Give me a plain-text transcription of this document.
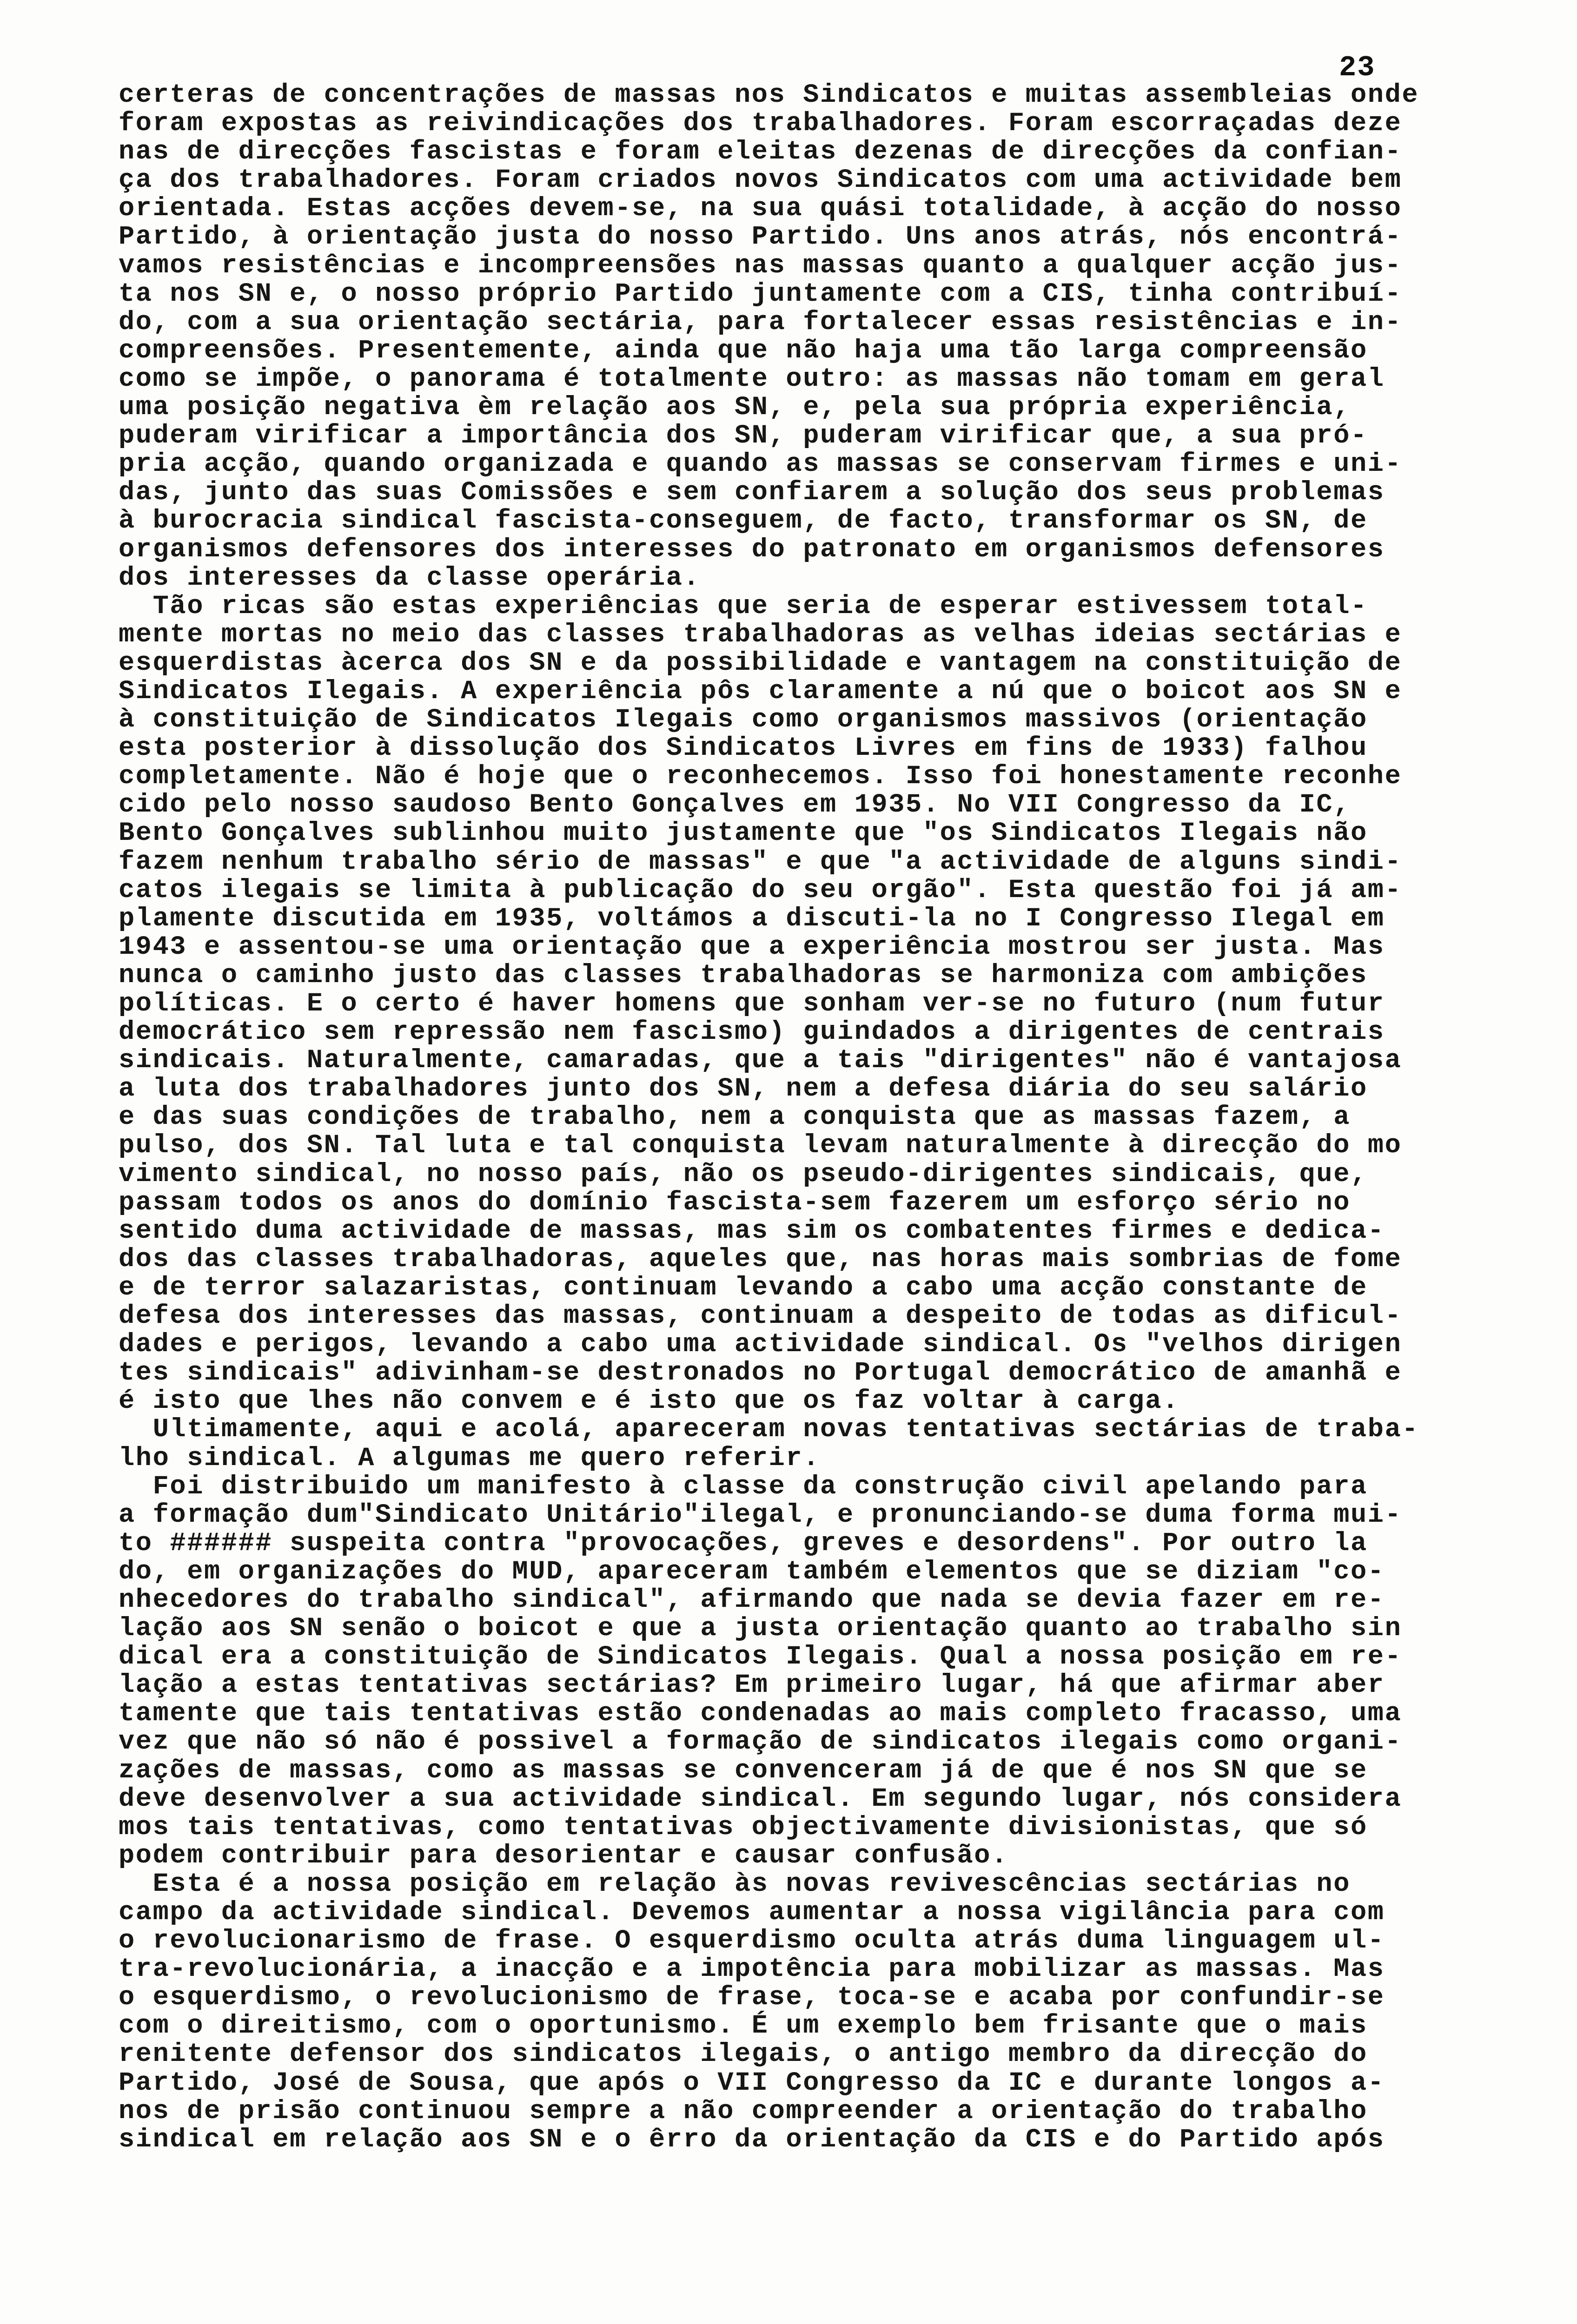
23
certeras de concentrações de massas nos Sindicatos e muitas assembleias onde
foram expostas as reivindicações dos trabalhadores. Foram escorraçadas deze
nas de direcções fascistas e foram eleitas dezenas de direcções da confian-
ça dos trabalhadores. Foram criados novos Sindicatos com uma actividade bem
orientada. Estas acções devem-se, na sua quási totalidade, à acção do nosso
Partido, à orientação justa do nosso Partido. Uns anos atrás, nós encontrá-
vamos resistências e incompreensões nas massas quanto a qualquer acção jus-
ta nos SN e, o nosso próprio Partido juntamente com a CIS, tinha contribuí-
do, com a sua orientação sectária, para fortalecer essas resistências e in-
compreensões. Presentemente, ainda que não haja uma tão larga compreensão
como se impõe, o panorama é totalmente outro: as massas não tomam em geral
uma posição negativa èm relação aos SN, e, pela sua própria experiência,
puderam virificar a importância dos SN, puderam virificar que, a sua pró-
pria acção, quando organizada e quando as massas se conservam firmes e uni-
das, junto das suas Comissões e sem confiarem a solução dos seus problemas
à burocracia sindical fascista-conseguem, de facto, transformar os SN, de
organismos defensores dos interesses do patronato em organismos defensores
dos interesses da classe operária.
Tão ricas são estas experiências que seria de esperar estivessem total-
mente mortas no meio das classes trabalhadoras as velhas ideias sectárias e
esquerdistas àcerca dos SN e da possibilidade e vantagem na constituição de
Sindicatos Ilegais. A experiência pôs claramente a nú que o boicot aos SN e
à constituição de Sindicatos Ilegais como organismos massivos (orientação
esta posterior à dissolução dos Sindicatos Livres em fins de 1933) falhou
completamente. Não é hoje que o reconhecemos. Isso foi honestamente reconhe
cido pelo nosso saudoso Bento Gonçalves em 1935. No VII Congresso da IC,
Bento Gonçalves sublinhou muito justamente que "os Sindicatos Ilegais não
fazem nenhum trabalho sério de massas" e que "a actividade de alguns sindi-
catos ilegais se limita à publicação do seu orgão". Esta questão foi já am-
plamente discutida em 1935, voltámos a discuti-la no I Congresso Ilegal em
1943 e assentou-se uma orientação que a experiência mostrou ser justa. Mas
nunca o caminho justo das classes trabalhadoras se harmoniza com ambições
políticas. E o certo é haver homens que sonham ver-se no futuro (num futur
democrático sem repressão nem fascismo) guindados a dirigentes de centrais
sindicais. Naturalmente, camaradas, que a tais "dirigentes" não é vantajosa
a luta dos trabalhadores junto dos SN, nem a defesa diária do seu salário
e das suas condições de trabalho, nem a conquista que as massas fazem, a
pulso, dos SN. Tal luta e tal conquista levam naturalmente à direcção do mo
vimento sindical, no nosso país, não os pseudo-dirigentes sindicais, que,
passam todos os anos do domínio fascista-sem fazerem um esforço sério no
sentido duma actividade de massas, mas sim os combatentes firmes e dedica-
dos das classes trabalhadoras, aqueles que, nas horas mais sombrias de fome
e de terror salazaristas, continuam levando a cabo uma acção constante de
defesa dos interesses das massas, continuam a despeito de todas as dificul-
dades e perigos, levando a cabo uma actividade sindical. Os "velhos dirigen
tes sindicais" adivinham-se destronados no Portugal democrático de amanhã e
é isto que lhes não convem e é isto que os faz voltar à carga.
Ultimamente, aqui e acolá, apareceram novas tentativas sectárias de traba-
lho sindical. A algumas me quero referir.
Foi distribuido um manifesto à classe da construção civil apelando para
a formação dum"Sindicato Unitário"ilegal, e pronunciando-se duma forma mui-
to ###### suspeita contra "provocações, greves e desordens". Por outro la
do, em organizações do MUD, apareceram também elementos que se diziam "co-
nhecedores do trabalho sindical", afirmando que nada se devia fazer em re-
lação aos SN senão o boicot e que a justa orientação quanto ao trabalho sin
dical era a constituição de Sindicatos Ilegais. Qual a nossa posição em re-
lação a estas tentativas sectárias? Em primeiro lugar, há que afirmar aber
tamente que tais tentativas estão condenadas ao mais completo fracasso, uma
vez que não só não é possivel a formação de sindicatos ilegais como organi-
zações de massas, como as massas se convenceram já de que é nos SN que se
deve desenvolver a sua actividade sindical. Em segundo lugar, nós considera
mos tais tentativas, como tentativas objectivamente divisionistas, que só
podem contribuir para desorientar e causar confusão.
Esta é a nossa posição em relação às novas revivescências sectárias no
campo da actividade sindical. Devemos aumentar a nossa vigilância para com
o revolucionarismo de frase. O esquerdismo oculta atrás duma linguagem ul-
tra-revolucionária, a inacção e a impotência para mobilizar as massas. Mas
o esquerdismo, o revolucionismo de frase, toca-se e acaba por confundir-se
com o direitismo, com o oportunismo. É um exemplo bem frisante que o mais
renitente defensor dos sindicatos ilegais, o antigo membro da direcção do
Partido, José de Sousa, que após o VII Congresso da IC e durante longos a-
nos de prisão continuou sempre a não compreender a orientação do trabalho
sindical em relação aos SN e o êrro da orientação da CIS e do Partido após
